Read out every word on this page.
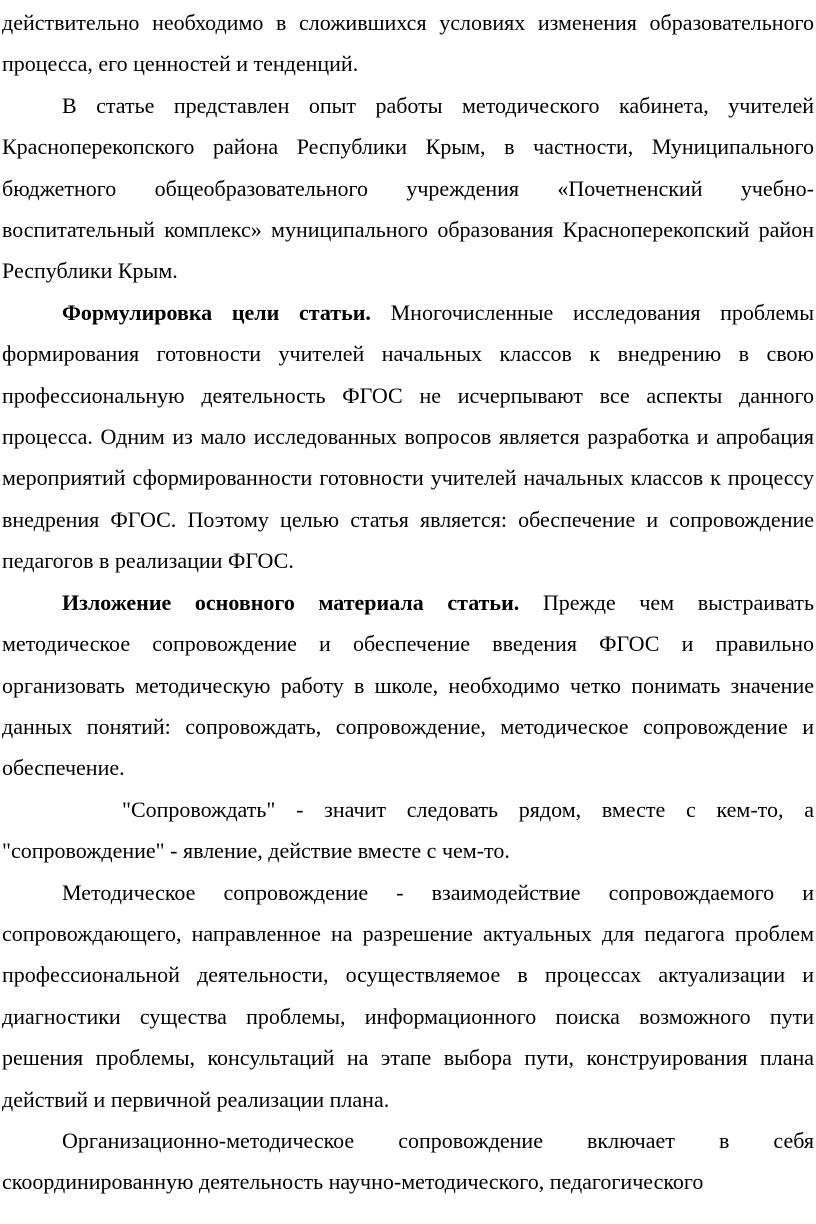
действительно необходимо в сложившихся условиях изменения образовательного процесса, его ценностей и тенденций.

В статье представлен опыт работы методического кабинета, учителей Красноперекопского района Республики Крым, в частности, Муниципального бюджетного общеобразовательного учреждения «Почетненский учебно-воспитательный комплекс» муниципального образования Красноперекопский район Республики Крым.

Формулировка цели статьи. Многочисленные исследования проблемы формирования готовности учителей начальных классов к внедрению в свою профессиональную деятельность ФГОС не исчерпывают все аспекты данного процесса. Одним из мало исследованных вопросов является разработка и апробация мероприятий сформированности готовности учителей начальных классов к процессу внедрения ФГОС. Поэтому целью статья является: обеспечение и сопровождение педагогов в реализации ФГОС.

Изложение основного материала статьи. Прежде чем выстраивать методическое сопровождение и обеспечение введения ФГОС и правильно организовать методическую работу в школе, необходимо четко понимать значение данных понятий: сопровождать, сопровождение, методическое сопровождение и обеспечение.

"Сопровождать" - значит следовать рядом, вместе с кем-то, а "сопровождение" - явление, действие вместе с чем-то.

Методическое сопровождение - взаимодействие сопровождаемого и сопровождающего, направленное на разрешение актуальных для педагога проблем профессиональной деятельности, осуществляемое в процессах актуализации и диагностики существа проблемы, информационного поиска возможного пути решения проблемы, консультаций на этапе выбора пути, конструирования плана действий и первичной реализации плана.

Организационно-методическое сопровождение включает в себя скоординированную деятельность научно-методического, педагогического
